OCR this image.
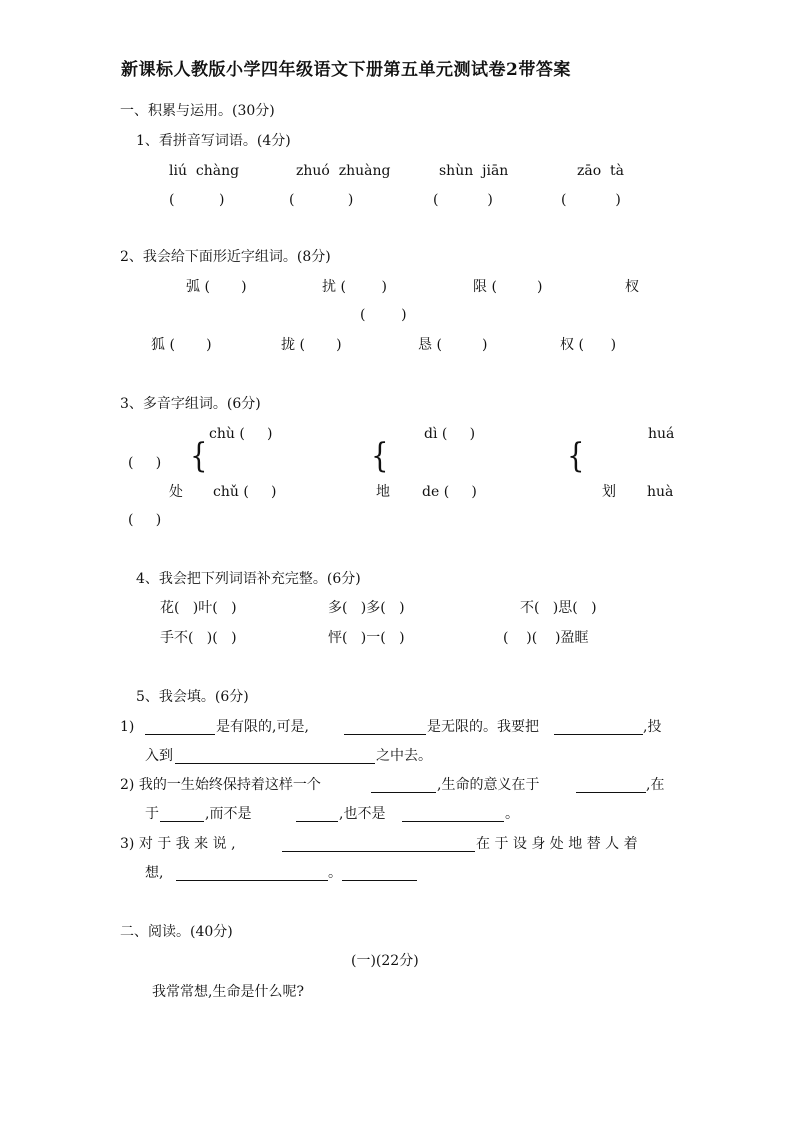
新课标人教版小学四年级语文下册第五单元测试卷2带答案
一、积累与运用。(30分)
1、看拼音写词语。(4分)
liú  chàng	zhuó  zhuàng	shùn  jiān	zāo  tà
(          )	(            )	(           )	(           )
2、我会给下面形近字组词。(8分)
弧 (       )	扰 (        )	限 (         )	杈
(        )
狐 (       )	拢 (       )	恳 (         )	权 (      )
3、多音字组词。(6分)
chù (     )	dì (     )	huá
(     ) {	{	{
处 chǔ (     )	地 de (     )	划 huà
(     )
4、我会把下列词语补充完整。(6分)
花(   )叶(   )	多(   )多(   )	不(   )思(   )
手不(   )(   )	怦(   )一(   )	(    )(    )盈眶
5、我会填。(6分)
1)	是有限的,可是,	是无限的。我要把	,投
入到	之中去。
2) 我的一生始终保持着这样一个	,生命的意义在于	,在
于	,而不是	,也不是	。
3) 对 于 我 来 说 ,	在 于 设 身 处 地 替 人 着
想,	。
二、阅读。(40分)
(一)(22分)
我常常想,生命是什么呢?
